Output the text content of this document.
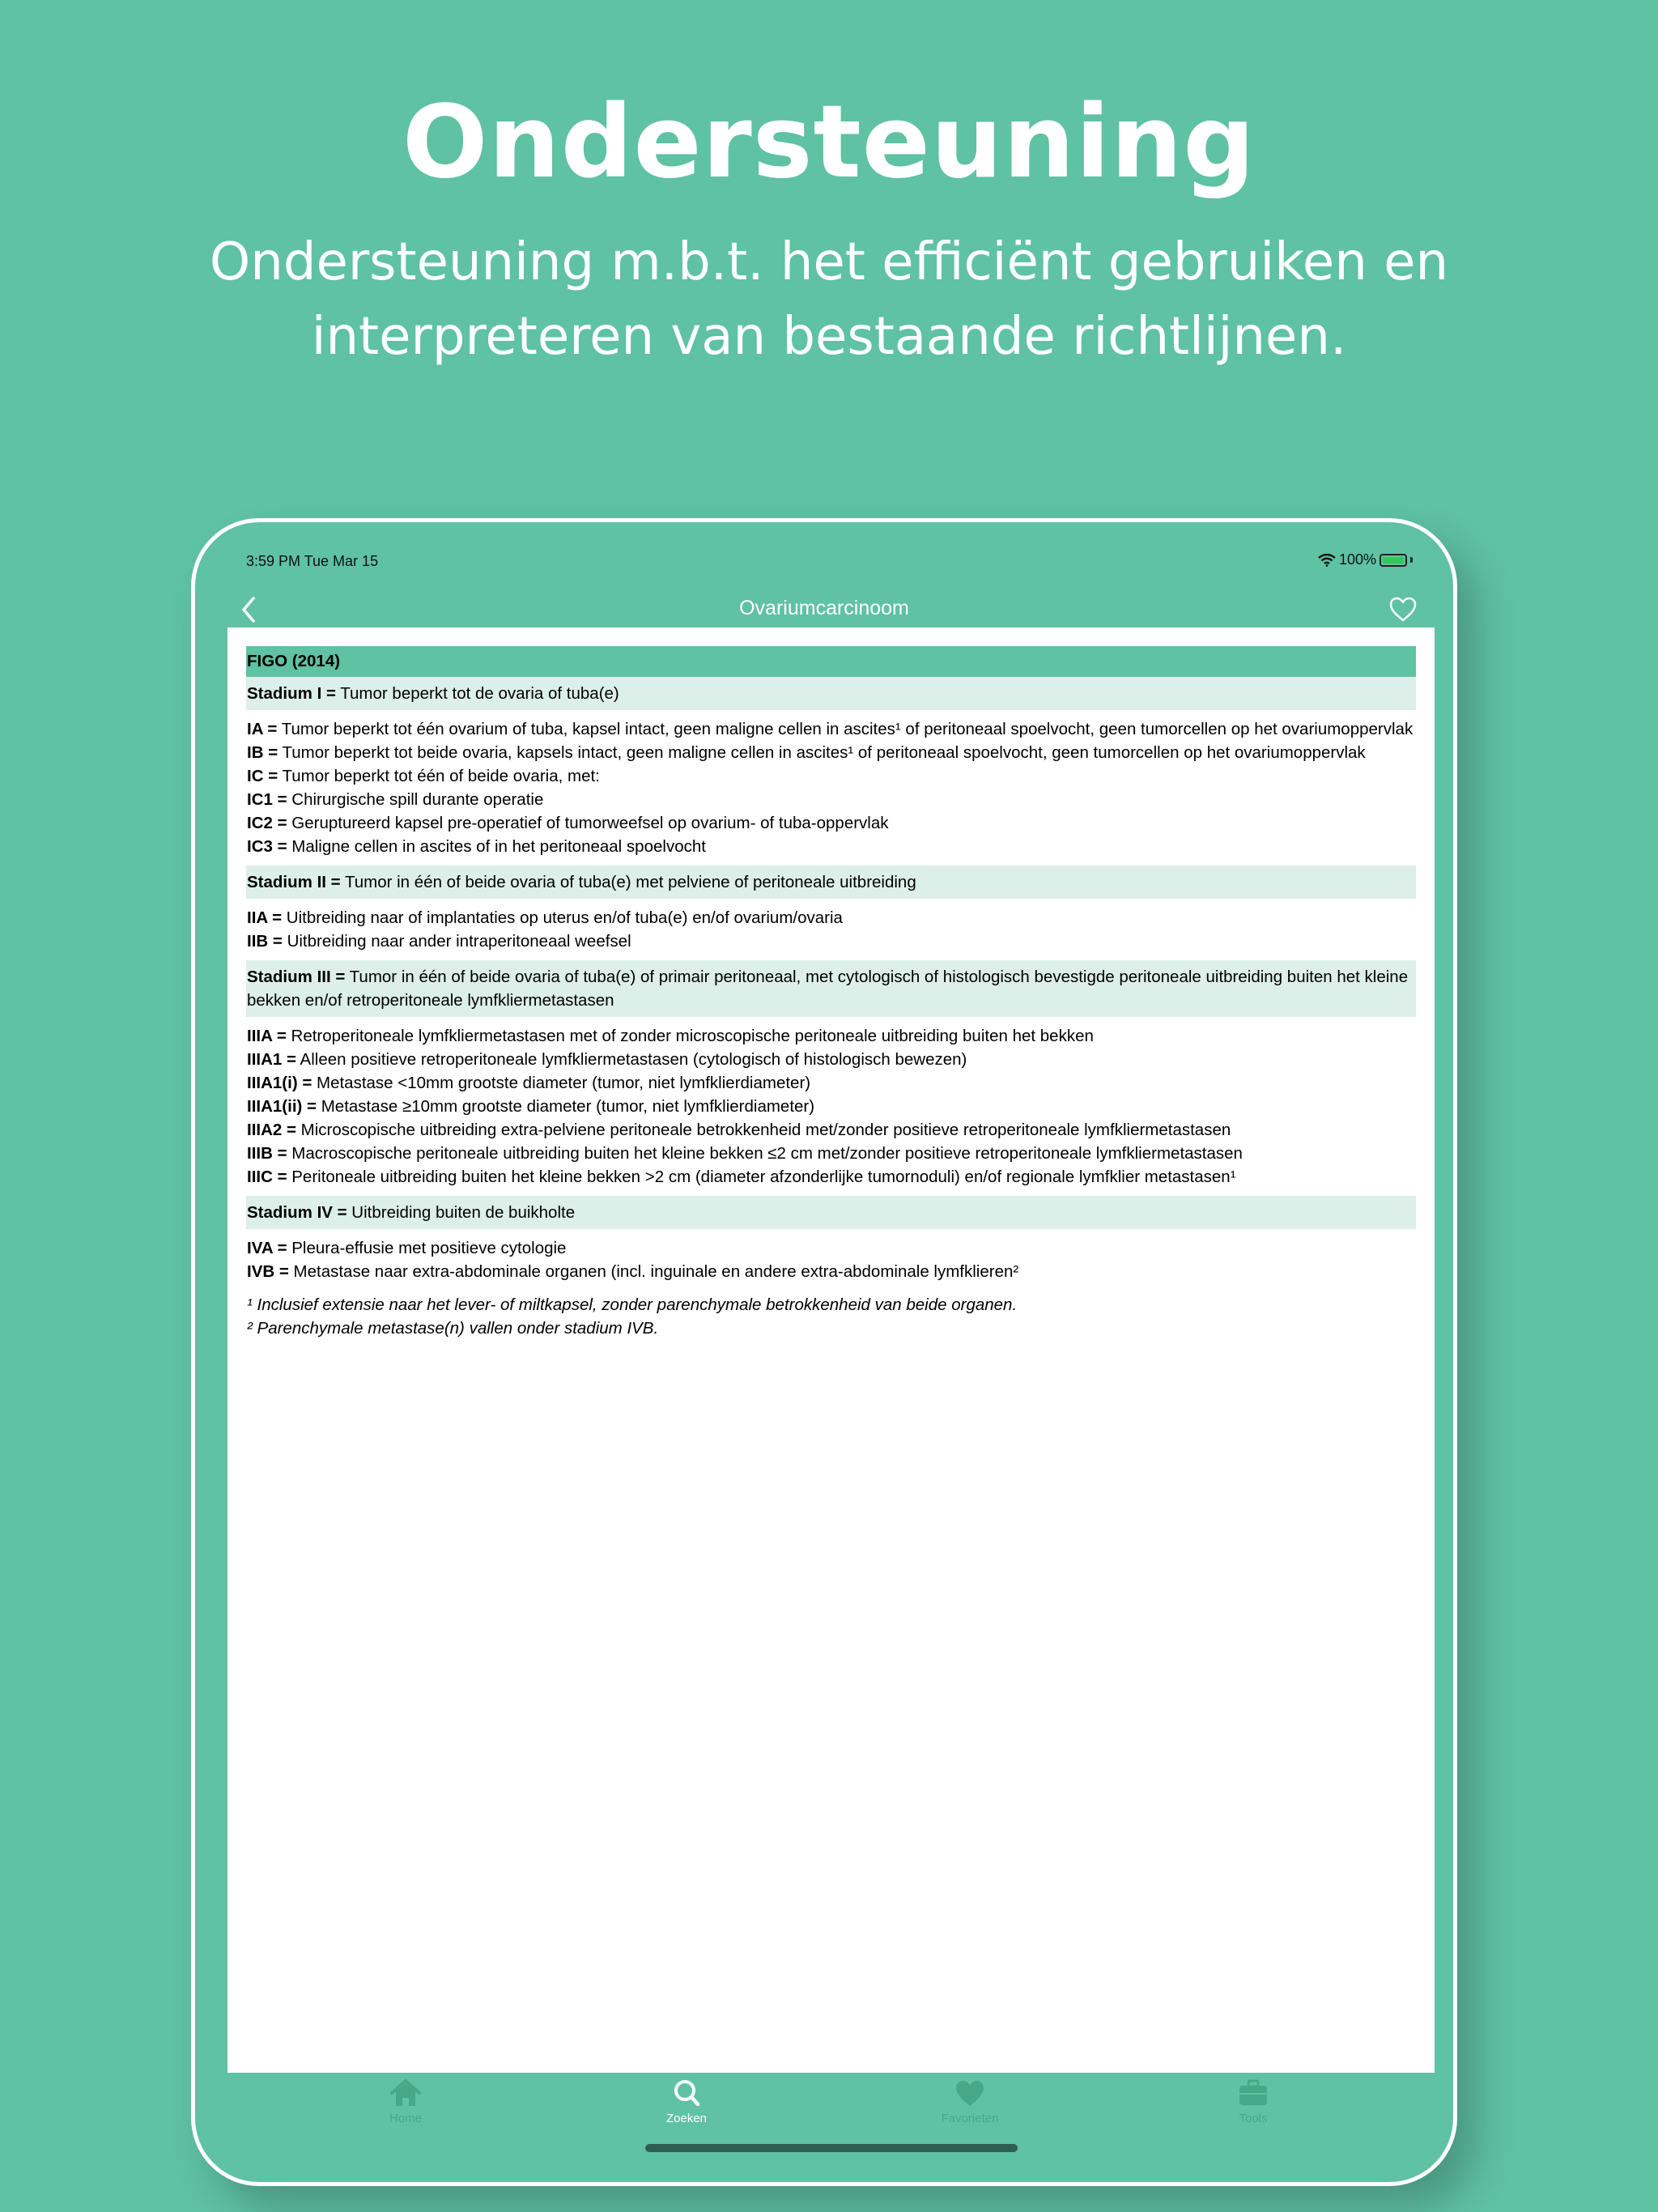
Ondersteuning
Ondersteuning m.b.t. het efficiënt gebruiken en interpreteren van bestaande richtlijnen.
3:59 PM Tue Mar 15	100%
Ovariumcarcinoom
FIGO (2014)
Stadium I = Tumor beperkt tot de ovaria of tuba(e)
IA = Tumor beperkt tot één ovarium of tuba, kapsel intact, geen maligne cellen in ascites¹ of peritoneaal spoelvocht, geen tumorcellen op het ovariumoppervlak
IB = Tumor beperkt tot beide ovaria, kapsels intact, geen maligne cellen in ascites¹ of peritoneaal spoelvocht, geen tumorcellen op het ovariumoppervlak
IC = Tumor beperkt tot één of beide ovaria, met:
IC1 = Chirurgische spill durante operatie
IC2 = Geruptureerd kapsel pre-operatief of tumorweefsel op ovarium- of tuba-oppervlak
IC3 = Maligne cellen in ascites of in het peritoneaal spoelvocht
Stadium II = Tumor in één of beide ovaria of tuba(e) met pelviene of peritoneale uitbreiding
IIA = Uitbreiding naar of implantaties op uterus en/of tuba(e) en/of ovarium/ovaria
IIB = Uitbreiding naar ander intraperitoneaal weefsel
Stadium III = Tumor in één of beide ovaria of tuba(e) of primair peritoneaal, met cytologisch of histologisch bevestigde peritoneale uitbreiding buiten het kleine bekken en/of retroperitoneale lymfkliermetastasen
IIIA = Retroperitoneale lymfkliermetastasen met of zonder microscopische peritoneale uitbreiding buiten het bekken
IIIA1 = Alleen positieve retroperitoneale lymfkliermetastasen (cytologisch of histologisch bewezen)
IIIA1(i) = Metastase <10mm grootste diameter (tumor, niet lymfklierdiameter)
IIIA1(ii) = Metastase ≥10mm grootste diameter (tumor, niet lymfklierdiameter)
IIIA2 = Microscopische uitbreiding extra-pelviene peritoneale betrokkenheid met/zonder positieve retroperitoneale lymfkliermetastasen
IIIB = Macroscopische peritoneale uitbreiding buiten het kleine bekken ≤2 cm met/zonder positieve retroperitoneale lymfkliermetastasen
IIIC = Peritoneale uitbreiding buiten het kleine bekken >2 cm (diameter afzonderlijke tumornoduli) en/of regionale lymfklier metastasen¹
Stadium IV = Uitbreiding buiten de buikholte
IVA = Pleura-effusie met positieve cytologie
IVB = Metastase naar extra-abdominale organen (incl. inguinale en andere extra-abdominale lymfklieren²
¹ Inclusief extensie naar het lever- of miltkapsel, zonder parenchymale betrokkenheid van beide organen.
² Parenchymale metastase(n) vallen onder stadium IVB.
Home	Zoeken	Favorieten	Tools
